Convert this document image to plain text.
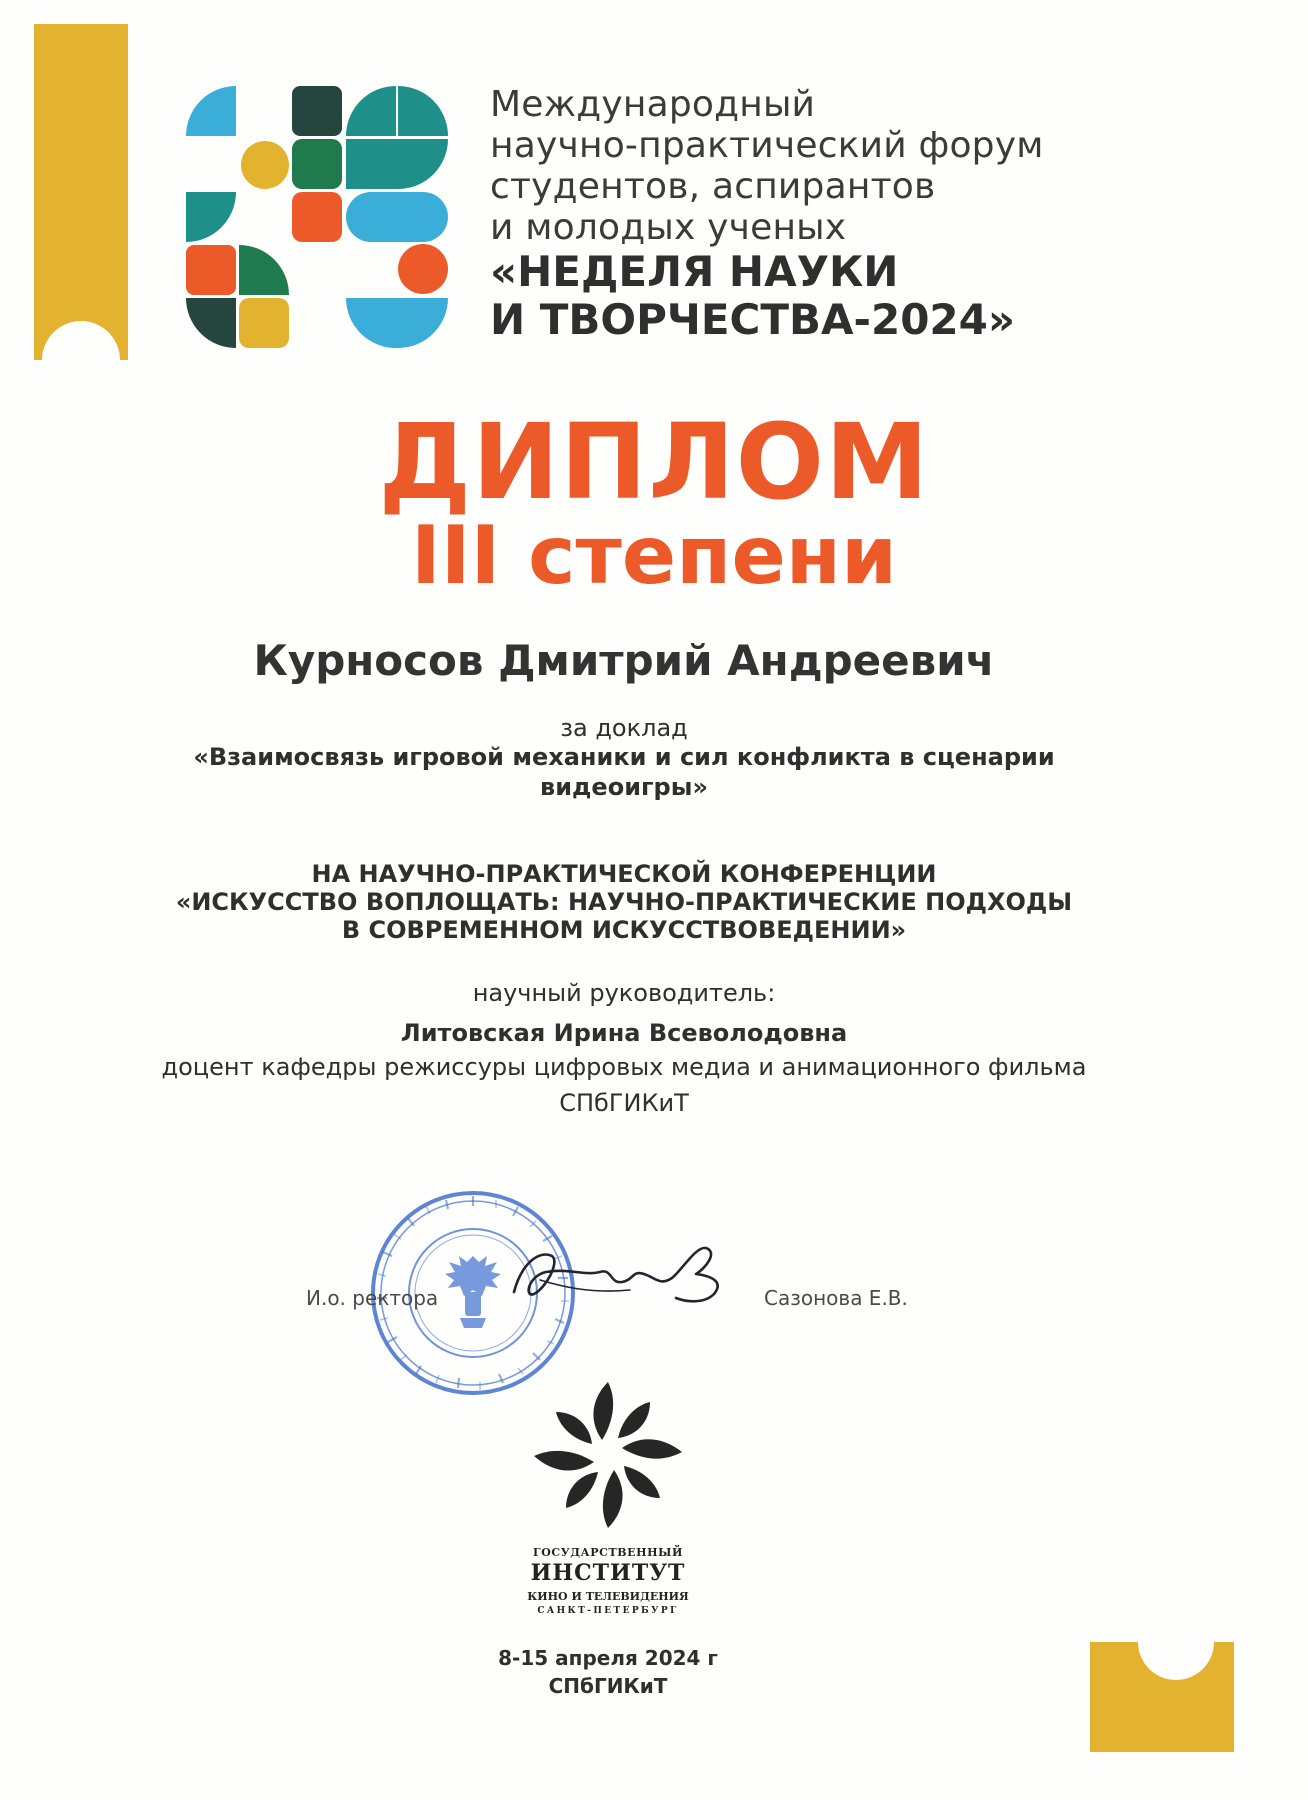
Международный
научно-практический форум
студентов, аспирантов
и молодых ученых
«НЕДЕЛЯ НАУКИ
И ТВОРЧЕСТВА-2024»
ДИПЛОМ
III степени
Курносов Дмитрий Андреевич
за доклад
«Взаимосвязь игровой механики и сил конфликта в сценарии
видеоигры»
НА НАУЧНО-ПРАКТИЧЕСКОЙ КОНФЕРЕНЦИИ
«ИСКУССТВО ВОПЛОЩАТЬ: НАУЧНО-ПРАКТИЧЕСКИЕ ПОДХОДЫ
В СОВРЕМЕННОМ ИСКУССТВОВЕДЕНИИ»
научный руководитель:
Литовская Ирина Всеволодовна
доцент кафедры режиссуры цифровых медиа и анимационного фильма
СПбГИКиТ
И.о. ректора	Сазонова Е.В.
ГОСУДАРСТВЕННЫЙ
ИНСТИТУТ
КИНО И ТЕЛЕВИДЕНИЯ
САНКТ-ПЕТЕРБУРГ
8-15 апреля 2024 г
СПбГИКиТ
